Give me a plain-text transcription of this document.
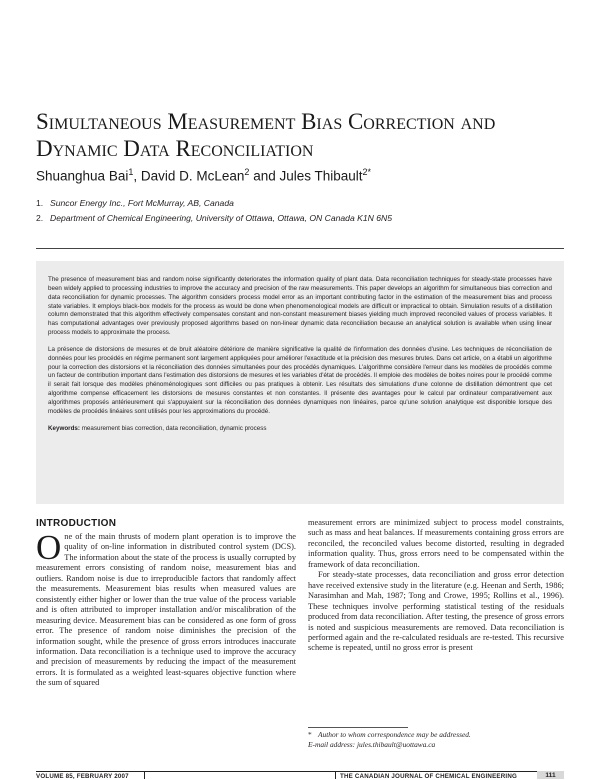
Simultaneous Measurement Bias Correction and Dynamic Data Reconciliation
Shuanghua Bai$^1$, David D. McLean$^2$ and Jules Thibault$^{2*}$
1. Suncor Energy Inc., Fort McMurray, AB, Canada
2. Department of Chemical Engineering, University of Ottawa, Ottawa, ON Canada K1N 6N5

The presence of measurement bias and random noise significantly deteriorates the information quality of plant data. Data reconciliation techniques for steady-state processes have been widely applied to processing industries to improve the accuracy and precision of the raw measurements. This paper develops an algorithm for simultaneous bias correction and data reconciliation for dynamic processes. The algorithm considers process model error as an important contributing factor in the estimation of the measurement bias and process state variables. It employs black-box models for the process as would be done when phenomenological models are difficult or impractical to obtain. Simulation results of a distillation column demonstrated that this algorithm effectively compensates constant and non-constant measurement biases yielding much improved reconciled values of process variables. It has computational advantages over previously proposed algorithms based on non-linear dynamic data reconciliation because an analytical solution is available when using linear process models to approximate the process.

La présence de distorsions de mesures et de bruit aléatoire détériore de manière significative la qualité de l'information des données d'usine. Les techniques de réconciliation de données pour les procédés en régime permanent sont largement appliquées pour améliorer l'exactitude et la précision des mesures brutes. Dans cet article, on a établi un algorithme pour la correction des distorsions et la réconciliation des données simultanées pour des procédés dynamiques. L'algorithme considère l'erreur dans les modèles de procédés comme un facteur de contribution important dans l'estimation des distorsions de mesures et les variables d'état de procédés. Il emploie des modèles de boites noires pour le procédé comme il serait fait lorsque des modèles phénoménologiques sont difficiles ou pas pratiques à obtenir. Les résultats des simulations d'une colonne de distillation démontrent que cet algorithme compense efficacement les distorsions de mesures constantes et non constantes. Il présente des avantages pour le calcul par ordinateur comparativement aux algorithmes proposés antérieurement qui s'appuyaient sur la réconciliation des données dynamiques non linéaires, parce qu'une solution analytique est disponible lorsque des modèles de procédés linéaires sont utilisés pour les approximations du procédé.

Keywords: measurement bias correction, data reconciliation, dynamic process
INTRODUCTION

One of the main thrusts of modern plant operation is to improve the quality of on-line information in distributed control system (DCS). The information about the state of the process is usually corrupted by measurement errors consisting of random noise, measurement bias and outliers. Random noise is due to irreproducible factors that randomly affect the measurements. Measurement bias results when measured values are consistently either higher or lower than the true value of the process variable and is often attributed to improper installation and/or miscalibration of the measuring device. Measurement bias can be considered as one form of gross error. The presence of random noise diminishes the precision of the information sought, while the presence of gross errors introduces inaccurate information. Data reconciliation is a technique used to improve the accuracy and precision of measurements by reducing the impact of the measurement errors. It is formulated as a weighted least-squares objective function where the sum of squared

measurement errors are minimized subject to process model constraints, such as mass and heat balances. If measurements containing gross errors are reconciled, the reconciled values become distorted, resulting in degraded information quality. Thus, gross errors need to be compensated within the framework of data reconciliation.

For steady-state processes, data reconciliation and gross error detection have received extensive study in the literature (e.g. Heenan and Serth, 1986; Narasimhan and Mah, 1987; Tong and Crowe, 1995; Rollins et al., 1996). These techniques involve performing statistical testing of the residuals produced from data reconciliation. After testing, the presence of gross errors is noted and suspicious measurements are removed. Data reconciliation is performed again and the re-calculated residuals are re-tested. This recursive scheme is repeated, until no gross error is present

* Author to whom correspondence may be addressed.
E-mail address: jules.thibault@uottawa.ca
VOLUME 85, FEBRUARY 2007	THE CANADIAN JOURNAL OF CHEMICAL ENGINEERING	111
